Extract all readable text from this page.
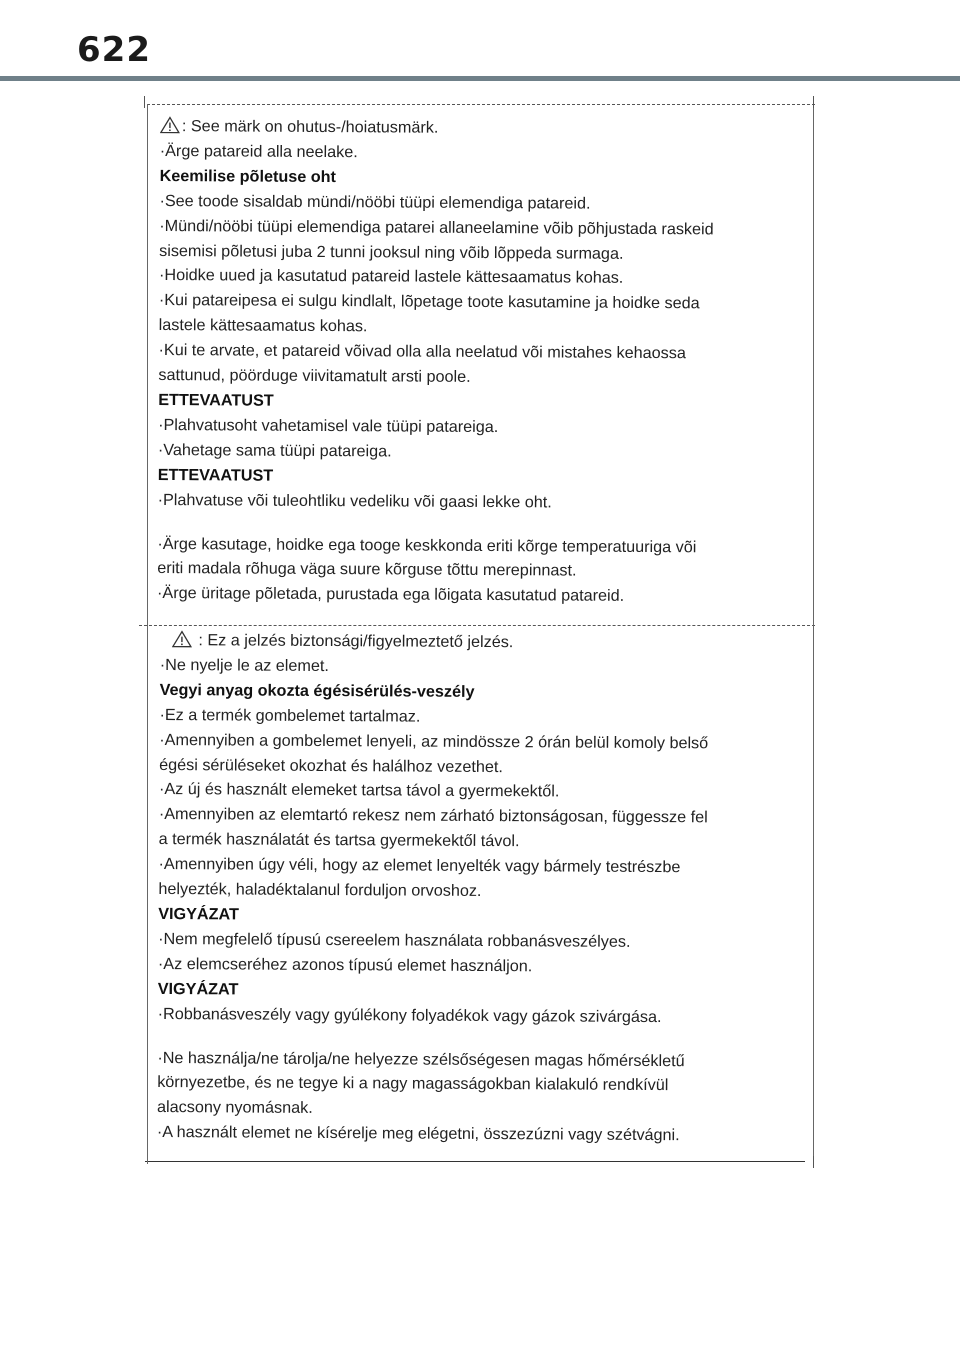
622
: See märk on ohutus-/hoiatusmärk.
·Ärge patareid alla neelake.
Keemilise põletuse oht
·See toode sisaldab mündi/nööbi tüüpi elemendiga patareid.
·Mündi/nööbi tüüpi elemendiga patarei allaneelamine võib põhjustada raskeid
sisemisi põletusi juba 2 tunni jooksul ning võib lõppeda surmaga.
·Hoidke uued ja kasutatud patareid lastele kättesaamatus kohas.
·Kui patareipesa ei sulgu kindlalt, lõpetage toote kasutamine ja hoidke seda
lastele kättesaamatus kohas.
·Kui te arvate, et patareid võivad olla alla neelatud või mistahes kehaossa
sattunud, pöörduge viivitamatult arsti poole.
ETTEVAATUST
·Plahvatusoht vahetamisel vale tüüpi patareiga.
·Vahetage sama tüüpi patareiga.
ETTEVAATUST
·Plahvatuse või tuleohtliku vedeliku või gaasi lekke oht.
·Ärge kasutage, hoidke ega tooge keskkonda eriti kõrge temperatuuriga või
eriti madala rõhuga väga suure kõrguse tõttu merepinnast.
·Ärge üritage põletada, purustada ega lõigata kasutatud patareid.
: Ez a jelzés biztonsági/figyelmeztető jelzés.
·Ne nyelje le az elemet.
Vegyi anyag okozta égésisérülés-veszély
·Ez a termék gombelemet tartalmaz.
·Amennyiben a gombelemet lenyeli, az mindössze 2 órán belül komoly belső
égési sérüléseket okozhat és halálhoz vezethet.
·Az új és használt elemeket tartsa távol a gyermekektől.
·Amennyiben az elemtartó rekesz nem zárható biztonságosan, függessze fel
a termék használatát és tartsa gyermekektől távol.
·Amennyiben úgy véli, hogy az elemet lenyelték vagy bármely testrészbe
helyezték, haladéktalanul forduljon orvoshoz.
VIGYÁZAT
·Nem megfelelő típusú csereelem használata robbanásveszélyes.
·Az elemcseréhez azonos típusú elemet használjon.
VIGYÁZAT
·Robbanásveszély vagy gyúlékony folyadékok vagy gázok szivárgása.
·Ne használja/ne tárolja/ne helyezze szélsőségesen magas hőmérsékletű
környezetbe, és ne tegye ki a nagy magasságokban kialakuló rendkívül
alacsony nyomásnak.
·A használt elemet ne kísérelje meg elégetni, összezúzni vagy szétvágni.
